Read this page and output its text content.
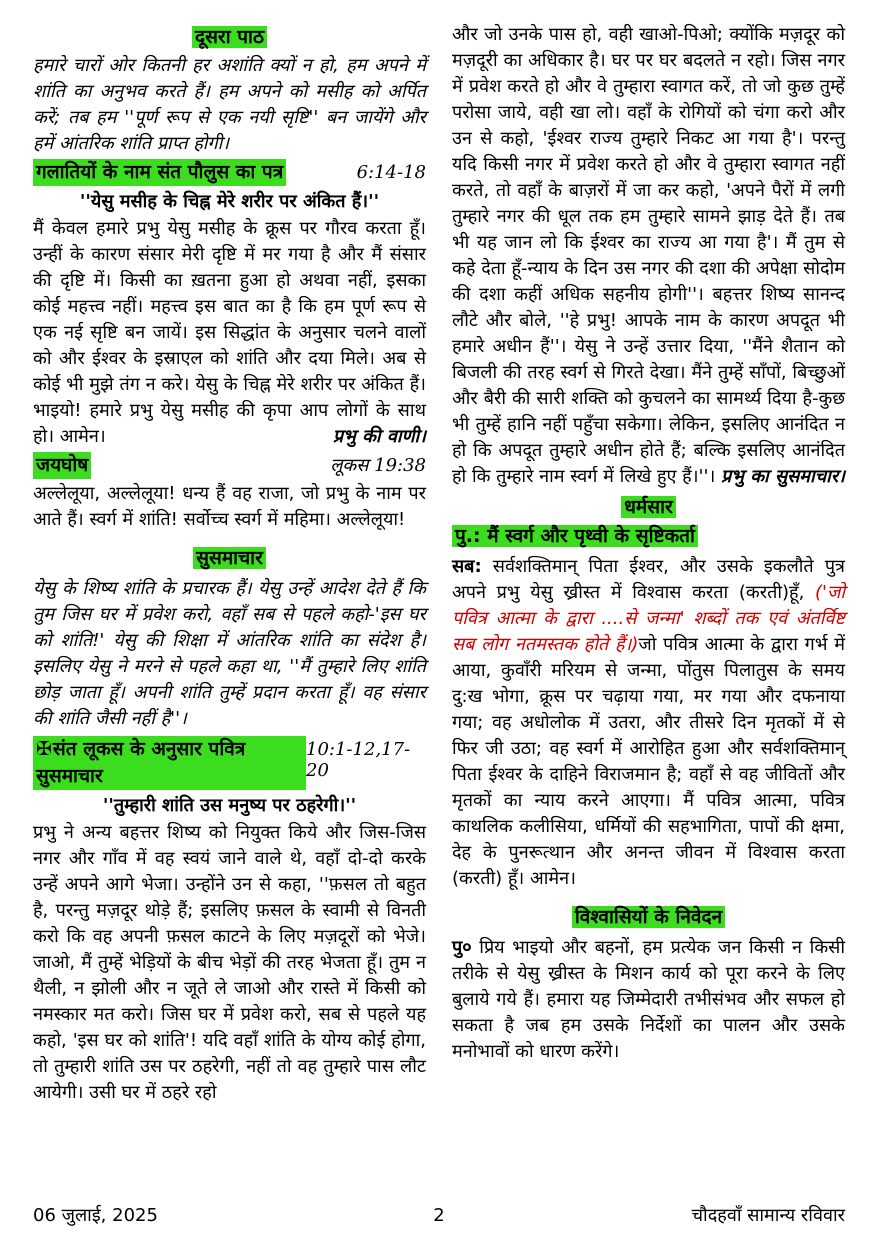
दूसरा पाठ

हमारे चारों ओर कितनी हर अशांति क्यों न हो, हम अपने में शांति का अनुभव करते हैं। हम अपने को मसीह को अर्पित करें; तब हम ''पूर्ण रूप से एक नयी सृष्टि'' बन जायेंगे और हमें आंतरिक शांति प्राप्त होगी।

गलातियों के नाम संत पौलुस का पत्र	6:14-18

''येसु मसीह के चिह्न मेरे शरीर पर अंकित हैं।''

मैं केवल हमारे प्रभु येसु मसीह के क्रूस पर गौरव करता हूँ। उन्हीं के कारण संसार मेरी दृष्टि में मर गया है और मैं संसार की दृष्टि में। किसी का ख़तना हुआ हो अथवा नहीं, इसका कोई महत्त्व नहीं। महत्त्व इस बात का है कि हम पूर्ण रूप से एक नई सृष्टि बन जायें। इस सिद्धांत के अनुसार चलने वालों को और ईश्वर के इस्राएल को शांति और दया मिले। अब से कोई भी मुझे तंग न करे। येसु के चिह्न मेरे शरीर पर अंकित हैं। भाइयो! हमारे प्रभु येसु मसीह की कृपा आप लोगों के साथ हो। आमेन।	प्रभु की वाणी।

जयघोष	लूकस 19:38

अल्लेलूया, अल्लेलूया! धन्य हैं वह राजा, जो प्रभु के नाम पर आते हैं। स्वर्ग में शांति! सर्वोच्च स्वर्ग में महिमा। अल्लेलूया!

सुसमाचार

येसु के शिष्य शांति के प्रचारक हैं। येसु उन्हें आदेश देते हैं कि तुम जिस घर में प्रवेश करो, वहाँ सब से पहले कहो-'इस घर को शांति!' येसु की शिक्षा में आंतरिक शांति का संदेश है। इसलिए येसु ने मरने से पहले कहा था, ''मैं तुम्हारे लिए शांति छोड़ जाता हूँ। अपनी शांति तुम्हें प्रदान करता हूँ। वह संसार की शांति जैसी नहीं है''।

✠संत लूकस के अनुसार पवित्र सुसमाचार
10:1-12,17-20

''तुम्हारी शांति उस मनुष्य पर ठहरेगी।''

प्रभु ने अन्य बहत्तर शिष्य को नियुक्त किये और जिस-जिस नगर और गाँव में वह स्वयं जाने वाले थे, वहाँ दो-दो करके उन्हें अपने आगे भेजा। उन्होंने उन से कहा, ''फ़सल तो बहुत है, परन्तु मज़दूर थोड़े हैं; इसलिए फ़सल के स्वामी से विनती करो कि वह अपनी फ़सल काटने के लिए मज़दूरों को भेजे। जाओ, मैं तुम्हें भेड़ियों के बीच भेड़ों की तरह भेजता हूँ। तुम न थैली, न झोली और न जूते ले जाओ और रास्ते में किसी को नमस्कार मत करो। जिस घर में प्रवेश करो, सब से पहले यह कहो, 'इस घर को शांति'! यदि वहाँ शांति के योग्य कोई होगा, तो तुम्हारी शांति उस पर ठहरेगी, नहीं तो वह तुम्हारे पास लौट आयेगी। उसी घर में ठहरे रहो

और जो उनके पास हो, वही खाओ-पिओ; क्योंकि मज़दूर को मज़दूरी का अधिकार है। घर पर घर बदलते न रहो। जिस नगर में प्रवेश करते हो और वे तुम्हारा स्वागत करें, तो जो कुछ तुम्हें परोसा जाये, वही खा लो। वहाँ के रोगियों को चंगा करो और उन से कहो, 'ईश्वर राज्य तुम्हारे निकट आ गया है'। परन्तु यदि किसी नगर में प्रवेश करते हो और वे तुम्हारा स्वागत नहीं करते, तो वहाँ के बाज़रों में जा कर कहो, 'अपने पैरों में लगी तुम्हारे नगर की धूल तक हम तुम्हारे सामने झाड़ देते हैं। तब भी यह जान लो कि ईश्वर का राज्य आ गया है'। मैं तुम से कहे देता हूँ-न्याय के दिन उस नगर की दशा की अपेक्षा सोदोम की दशा कहीं अधिक सहनीय होगी''। बहत्तर शिष्य सानन्द लौटे और बोले, ''हे प्रभु! आपके नाम के कारण अपदूत भी हमारे अधीन हैं''। येसु ने उन्हें उत्तार दिया, ''मैंने शैतान को बिजली की तरह स्वर्ग से गिरते देखा। मैंने तुम्हें साँपों, बिच्छुओं और बैरी की सारी शक्ति को कुचलने का सामर्थ्य दिया है-कुछ भी तुम्हें हानि नहीं पहुँचा सकेगा। लेकिन, इसलिए आनंदित न हो कि अपदूत तुम्हारे अधीन होते हैं; बल्कि इसलिए आनंदित हो कि तुम्हारे नाम स्वर्ग में लिखे हुए हैं।''। प्रभु का सुसमाचार।

धर्मसार
पु.: मैं स्वर्ग और पृथ्वी के सृष्टिकर्ता

सब: सर्वशक्तिमान् पिता ईश्वर, और उसके इकलौते पुत्र अपने प्रभु येसु ख्रीस्त में विश्वास करता (करती)हूँ, ('जो पवित्र आत्मा के द्वारा ....से जन्मा' शब्दों तक एवं अंतर्विष्ट सब लोग नतमस्तक होते हैं।)जो पवित्र आत्मा के द्वारा गर्भ में आया, कुवाँरी मरियम से जन्मा, पोंतुस पिलातुस के समय दु:ख भोगा, क्रूस पर चढ़ाया गया, मर गया और दफनाया गया; वह अधोलोक में उतरा, और तीसरे दिन मृतकों में से फिर जी उठा; वह स्वर्ग में आरोहित हुआ और सर्वशक्तिमान् पिता ईश्वर के दाहिने विराजमान है; वहाँ से वह जीवितों और मृतकों का न्याय करने आएगा। मैं पवित्र आत्मा, पवित्र काथलिक कलीसिया, धर्मियों की सहभागिता, पापों की क्षमा, देह के पुनरूत्थान और अनन्त जीवन में विश्वास करता (करती) हूँ। आमेन।

विश्वासियों के निवेदन

पु० प्रिय भाइयो और बहनों, हम प्रत्येक जन किसी न किसी तरीके से येसु ख्रीस्त के मिशन कार्य को पूरा करने के लिए बुलाये गये हैं। हमारा यह जिम्मेदारी तभीसंभव और सफल हो सकता है जब हम उसके निर्देशों का पालन और उसके मनोभावों को धारण करेंगे।

06 जुलाई, 2025	2	चौदहवाँ सामान्य रविवार
